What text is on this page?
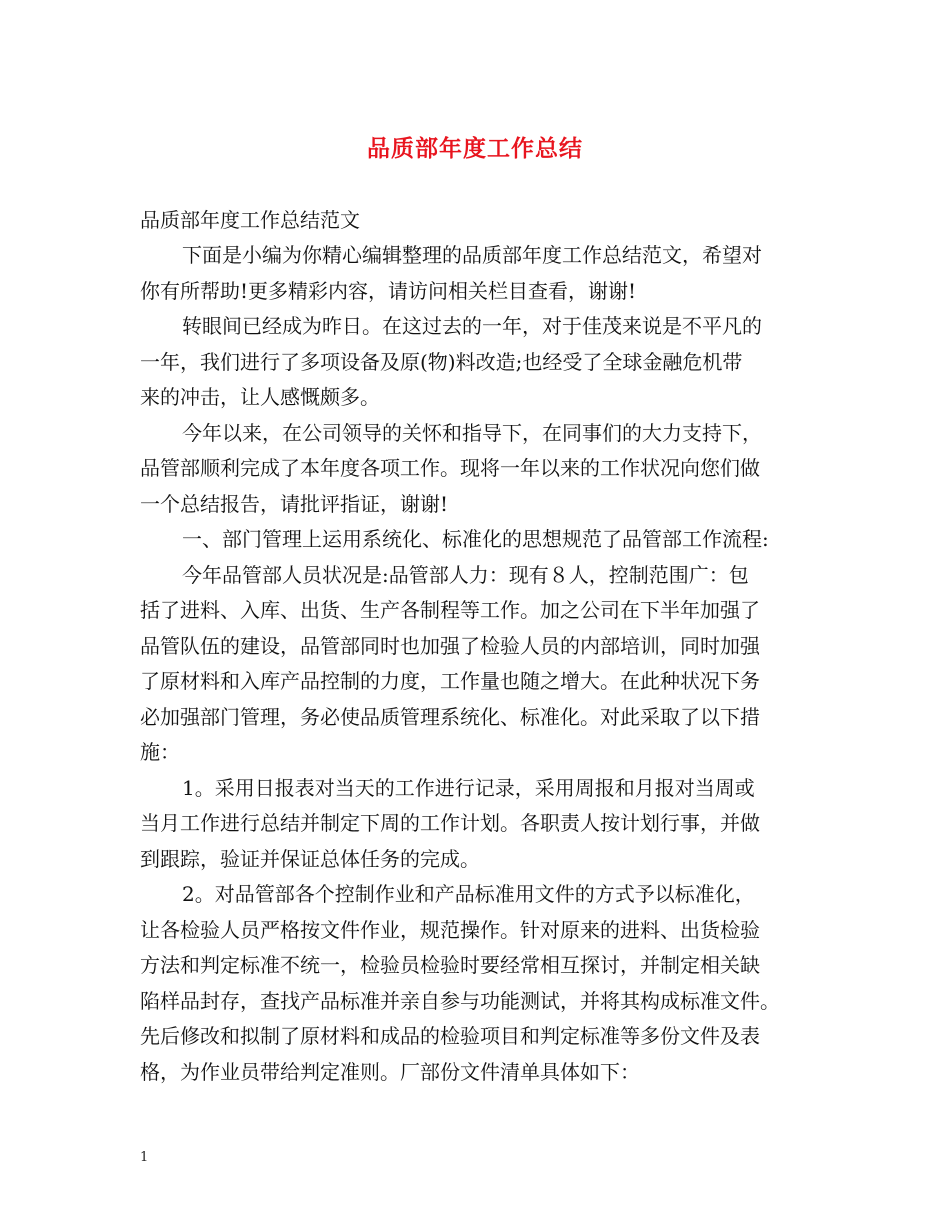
品质部年度工作总结
品质部年度工作总结范文

下面是小编为你精心编辑整理的品质部年度工作总结范文，希望对
你有所帮助!更多精彩内容，请访问相关栏目查看，谢谢!

转眼间已经成为昨日。在这过去的一年，对于佳茂来说是不平凡的
一年，我们进行了多项设备及原(物)料改造;也经受了全球金融危机带
来的冲击，让人感慨颇多。

今年以来，在公司领导的关怀和指导下，在同事们的大力支持下，
品管部顺利完成了本年度各项工作。现将一年以来的工作状况向您们做
一个总结报告，请批评指证，谢谢!

一、部门管理上运用系统化、标准化的思想规范了品管部工作流程:

今年品管部人员状况是:品管部人力：现有８人，控制范围广：包
括了进料、入库、出货、生产各制程等工作。加之公司在下半年加强了
品管队伍的建设，品管部同时也加强了检验人员的内部培训，同时加强
了原材料和入库产品控制的力度，工作量也随之增大。在此种状况下务
必加强部门管理，务必使品质管理系统化、标准化。对此采取了以下措
施：

1。采用日报表对当天的工作进行记录，采用周报和月报对当周或
当月工作进行总结并制定下周的工作计划。各职责人按计划行事，并做
到跟踪，验证并保证总体任务的完成。

2。对品管部各个控制作业和产品标准用文件的方式予以标准化，
让各检验人员严格按文件作业，规范操作。针对原来的进料、出货检验
方法和判定标准不统一，检验员检验时要经常相互探讨，并制定相关缺
陷样品封存，查找产品标准并亲自参与功能测试，并将其构成标准文件。
先后修改和拟制了原材料和成品的检验项目和判定标准等多份文件及表
格，为作业员带给判定准则。厂部份文件清单具体如下：

1
